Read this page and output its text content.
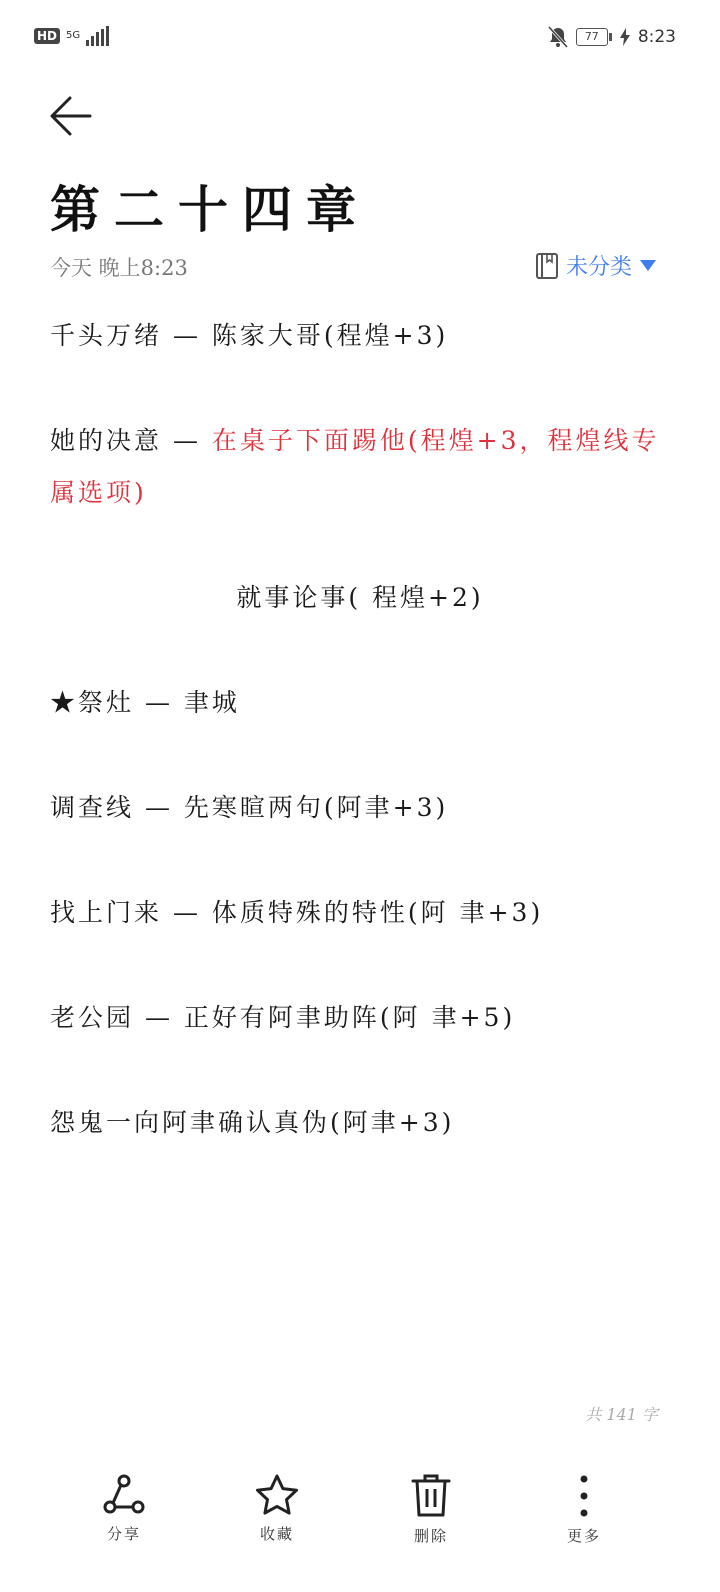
HD 5G	77	8:23
第二十四章
今天 晚上8:23	未分类

千头万绪 — 陈家大哥(程煌+3)

她的决意 — 在桌子下面踢他(程煌+3，程煌线专属选项)

就事论事( 程煌+2)

★祭灶 — 聿城

调查线 — 先寒暄两句(阿聿+3)

找上门来 — 体质特殊的特性(阿 聿+3)

老公园 — 正好有阿聿助阵(阿 聿+5)

怨鬼一向阿聿确认真伪(阿聿+3)

共 141 字
分享	收藏	删除	更多
